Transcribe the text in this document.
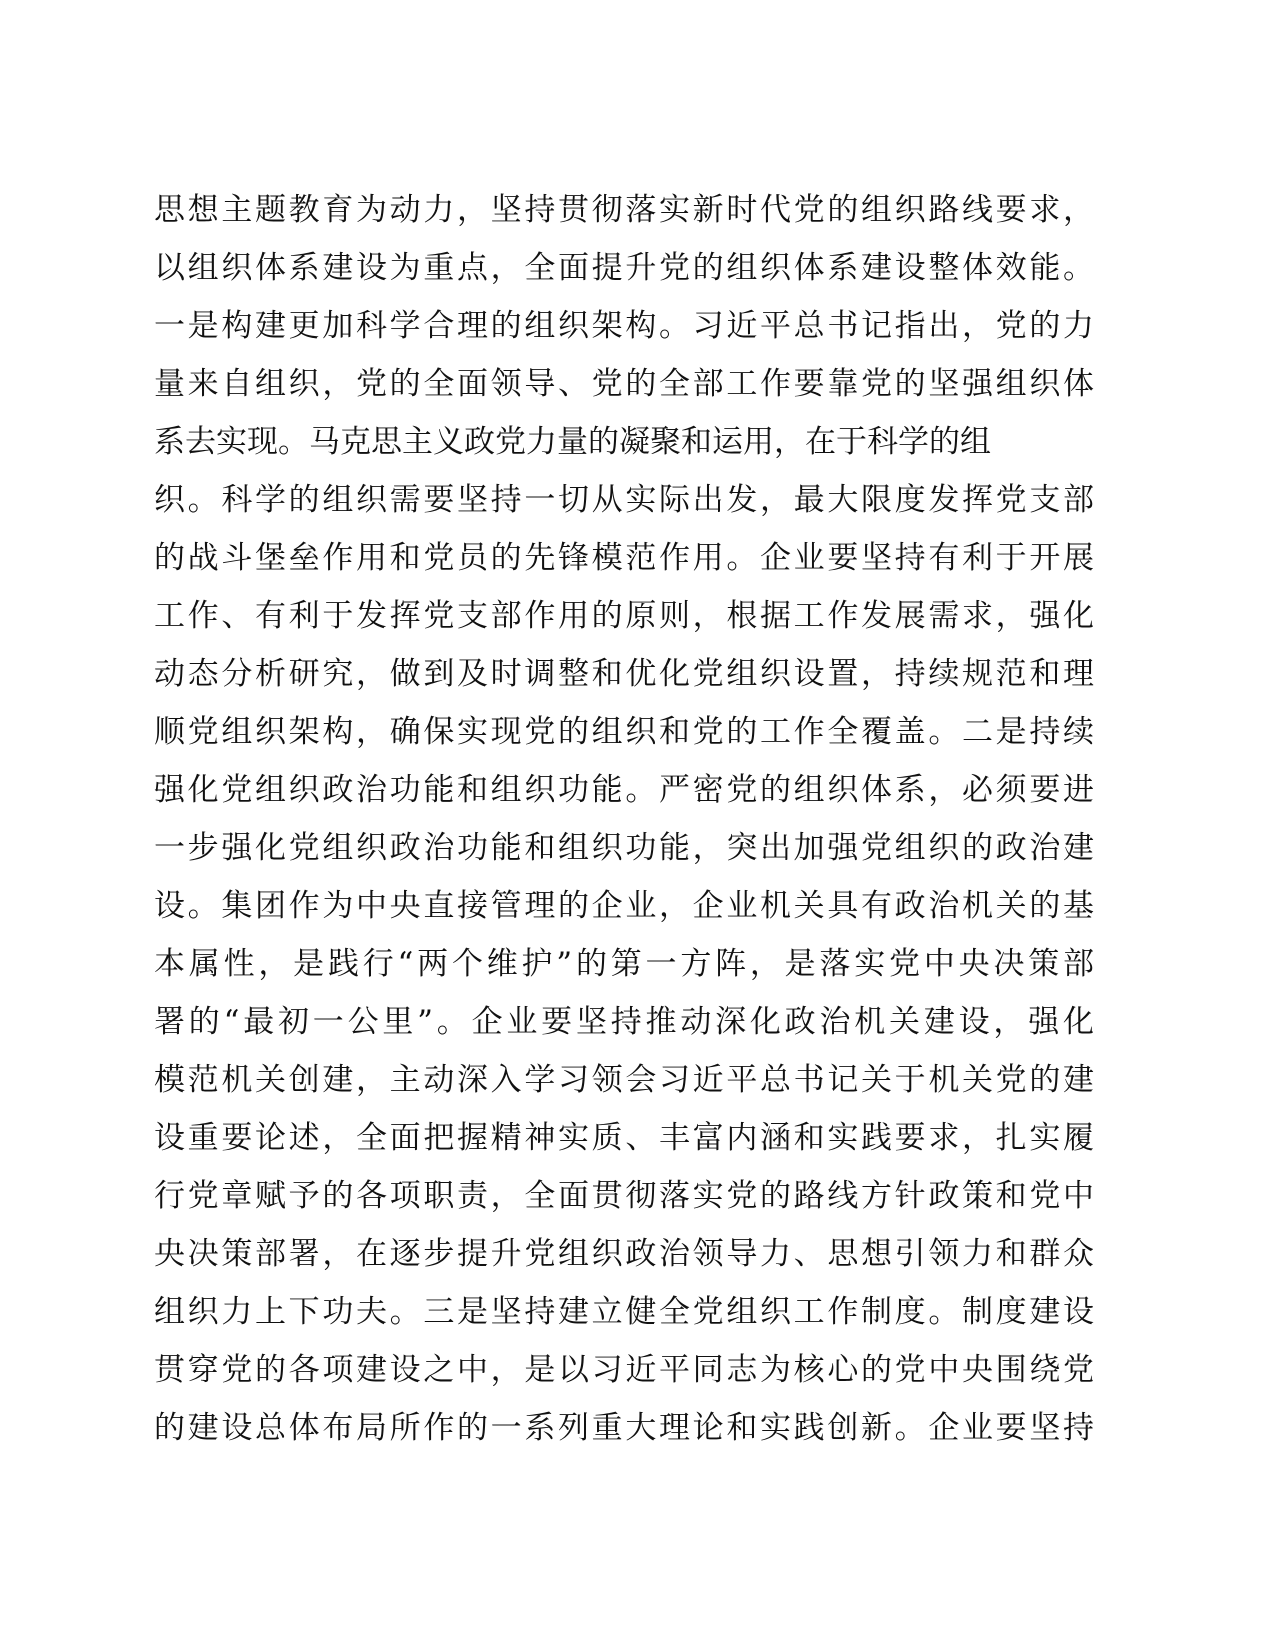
思想主题教育为动力，坚持贯彻落实新时代党的组织路线要求，
以组织体系建设为重点，全面提升党的组织体系建设整体效能。
一是构建更加科学合理的组织架构。习近平总书记指出，党的力
量来自组织，党的全面领导、党的全部工作要靠党的坚强组织体
系去实现。马克思主义政党力量的凝聚和运用，在于科学的组
织。科学的组织需要坚持一切从实际出发，最大限度发挥党支部
的战斗堡垒作用和党员的先锋模范作用。企业要坚持有利于开展
工作、有利于发挥党支部作用的原则，根据工作发展需求，强化
动态分析研究，做到及时调整和优化党组织设置，持续规范和理
顺党组织架构，确保实现党的组织和党的工作全覆盖。二是持续
强化党组织政治功能和组织功能。严密党的组织体系，必须要进
一步强化党组织政治功能和组织功能，突出加强党组织的政治建
设。集团作为中央直接管理的企业，企业机关具有政治机关的基
本属性，是践行“两个维护”的第一方阵，是落实党中央决策部
署的“最初一公里”。企业要坚持推动深化政治机关建设，强化
模范机关创建，主动深入学习领会习近平总书记关于机关党的建
设重要论述，全面把握精神实质、丰富内涵和实践要求，扎实履
行党章赋予的各项职责，全面贯彻落实党的路线方针政策和党中
央决策部署，在逐步提升党组织政治领导力、思想引领力和群众
组织力上下功夫。三是坚持建立健全党组织工作制度。制度建设
贯穿党的各项建设之中，是以习近平同志为核心的党中央围绕党
的建设总体布局所作的一系列重大理论和实践创新。企业要坚持
